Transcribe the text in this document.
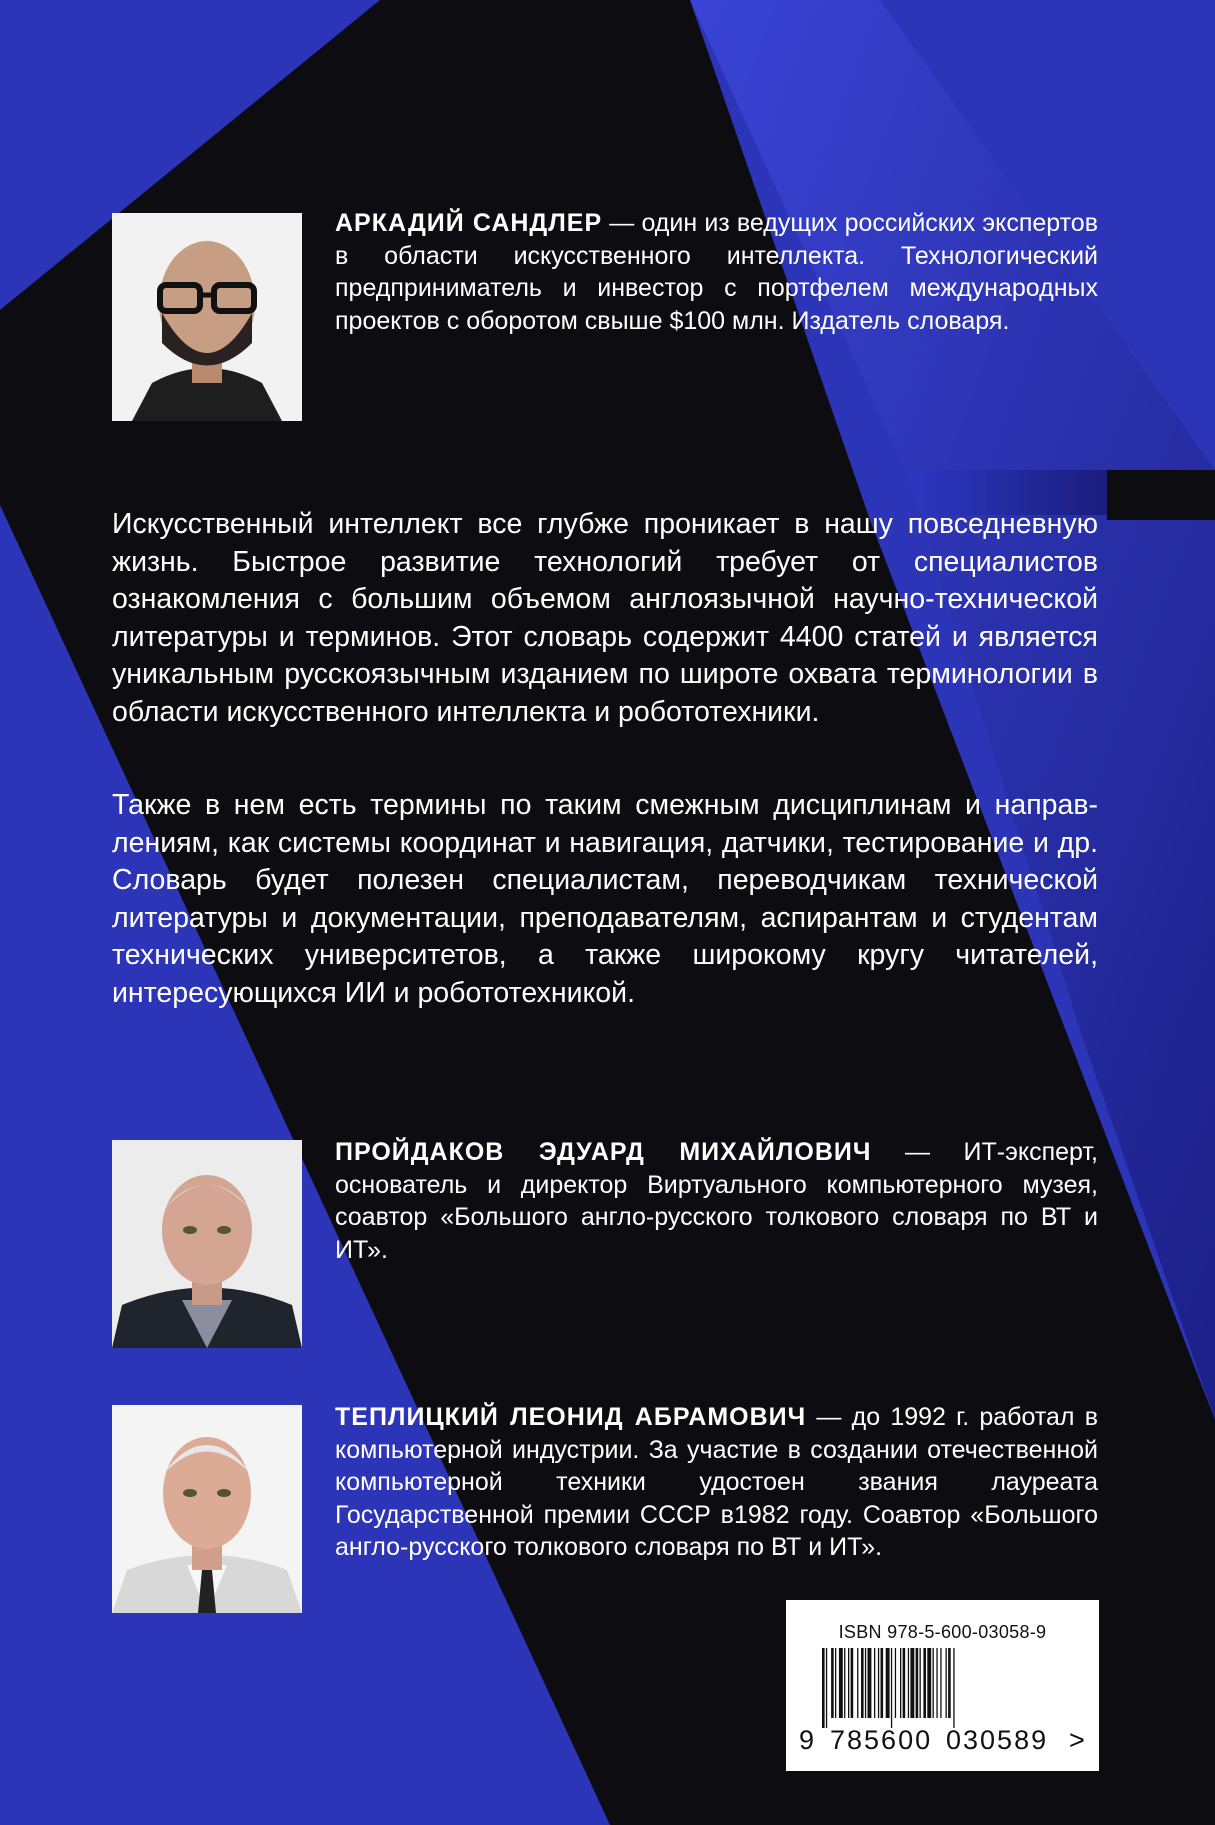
АРКАДИЙ САНДЛЕР — один из ведущих российских экспертов в области искусственного интеллекта. Технологический предприниматель и инвестор с портфелем международных проектов с оборотом свыше $100 млн. Издатель словаря.

Искусственный интеллект все глубже проникает в нашу повседневную жизнь. Быстрое развитие технологий требует от специалистов ознакомления с большим объемом англоязычной научно-технической литературы и терминов. Этот словарь содержит 4400 статей и является уникальным русскоязычным изданием по широте охвата терминологии в области искусственного интеллекта и робототехники.

Также в нем есть термины по таким смежным дисциплинам и направлениям, как системы координат и навигация, датчики, тестирование и др. Словарь будет полезен специалистам, переводчикам технической литературы и документации, преподавателям, аспирантам и студентам технических университетов, а также широкому кругу читателей, интересующихся ИИ и робототехникой.

ПРОЙДАКОВ ЭДУАРД МИХАЙЛОВИЧ — ИТ-эксперт, основатель и директор Виртуального компьютерного музея, соавтор «Большого англо-русского толкового словаря по ВТ и ИТ».
ТЕПЛИЦКИЙ ЛЕОНИД АБРАМОВИЧ — до 1992 г. работал в компьютерной индустрии. За участие в создании отечественной компьютерной техники удостоен звания лауреата Государственной премии СССР в1982 году. Соавтор «Большого англо-русского толкового словаря по ВТ и ИТ».
ISBN 978-5-600-03058-9
9 785600 030589 >
